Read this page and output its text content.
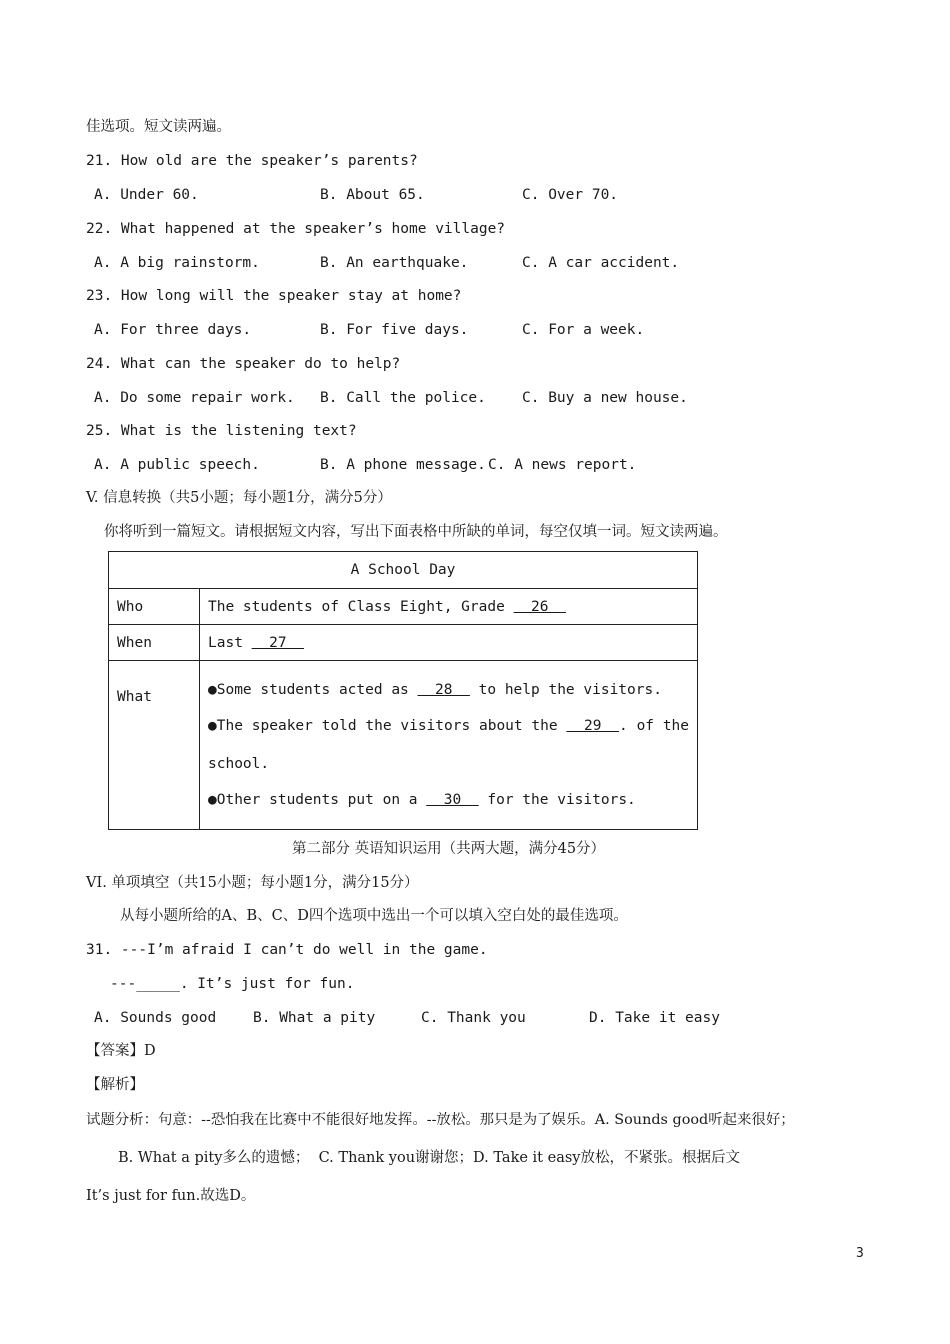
佳选项。短文读两遍。
21. How old are the speaker’s parents?
A. Under 60.	B. About 65.	C. Over 70.
22. What happened at the speaker’s home village?
A. A big rainstorm.	B. An earthquake.	C. A car accident.
23. How long will the speaker stay at home?
A. For three days.	B. For five days.	C. For a week.
24. What can the speaker do to help?
A. Do some repair work. B. Call the police. C. Buy a new house.
25. What is the listening text?
A. A public speech.	B. A phone message. C. A news report.
V. 信息转换（共5小题；每小题1分，满分5分）
你将听到一篇短文。请根据短文内容，写出下面表格中所缺的单词，每空仅填一词。短文读两遍。
A School Day	
Who	The students of Class Eight, Grade   26
When	Last   27
What	●Some students acted as   28   to help the visitors.
●The speaker told the visitors about the   29  . of the school.
●Other students put on a   30   for the visitors.
第二部分 英语知识运用（共两大题，满分45分）
VI. 单项填空（共15小题；每小题1分，满分15分）
从每小题所给的A、B、C、D四个选项中选出一个可以填入空白处的最佳选项。
31. ---I’m afraid I can’t do well in the game.
---_____. It’s just for fun.
A. Sounds good	B. What a pity	C. Thank you	D. Take it easy
【答案】D
【解析】
试题分析：句意：--恐怕我在比赛中不能很好地发挥。--放松。那只是为了娱乐。A. Sounds good听起来很好；
B. What a pity多么的遗憾；  C. Thank you谢谢您；D. Take it easy放松，不紧张。根据后文
It’s just for fun.故选D。
3
